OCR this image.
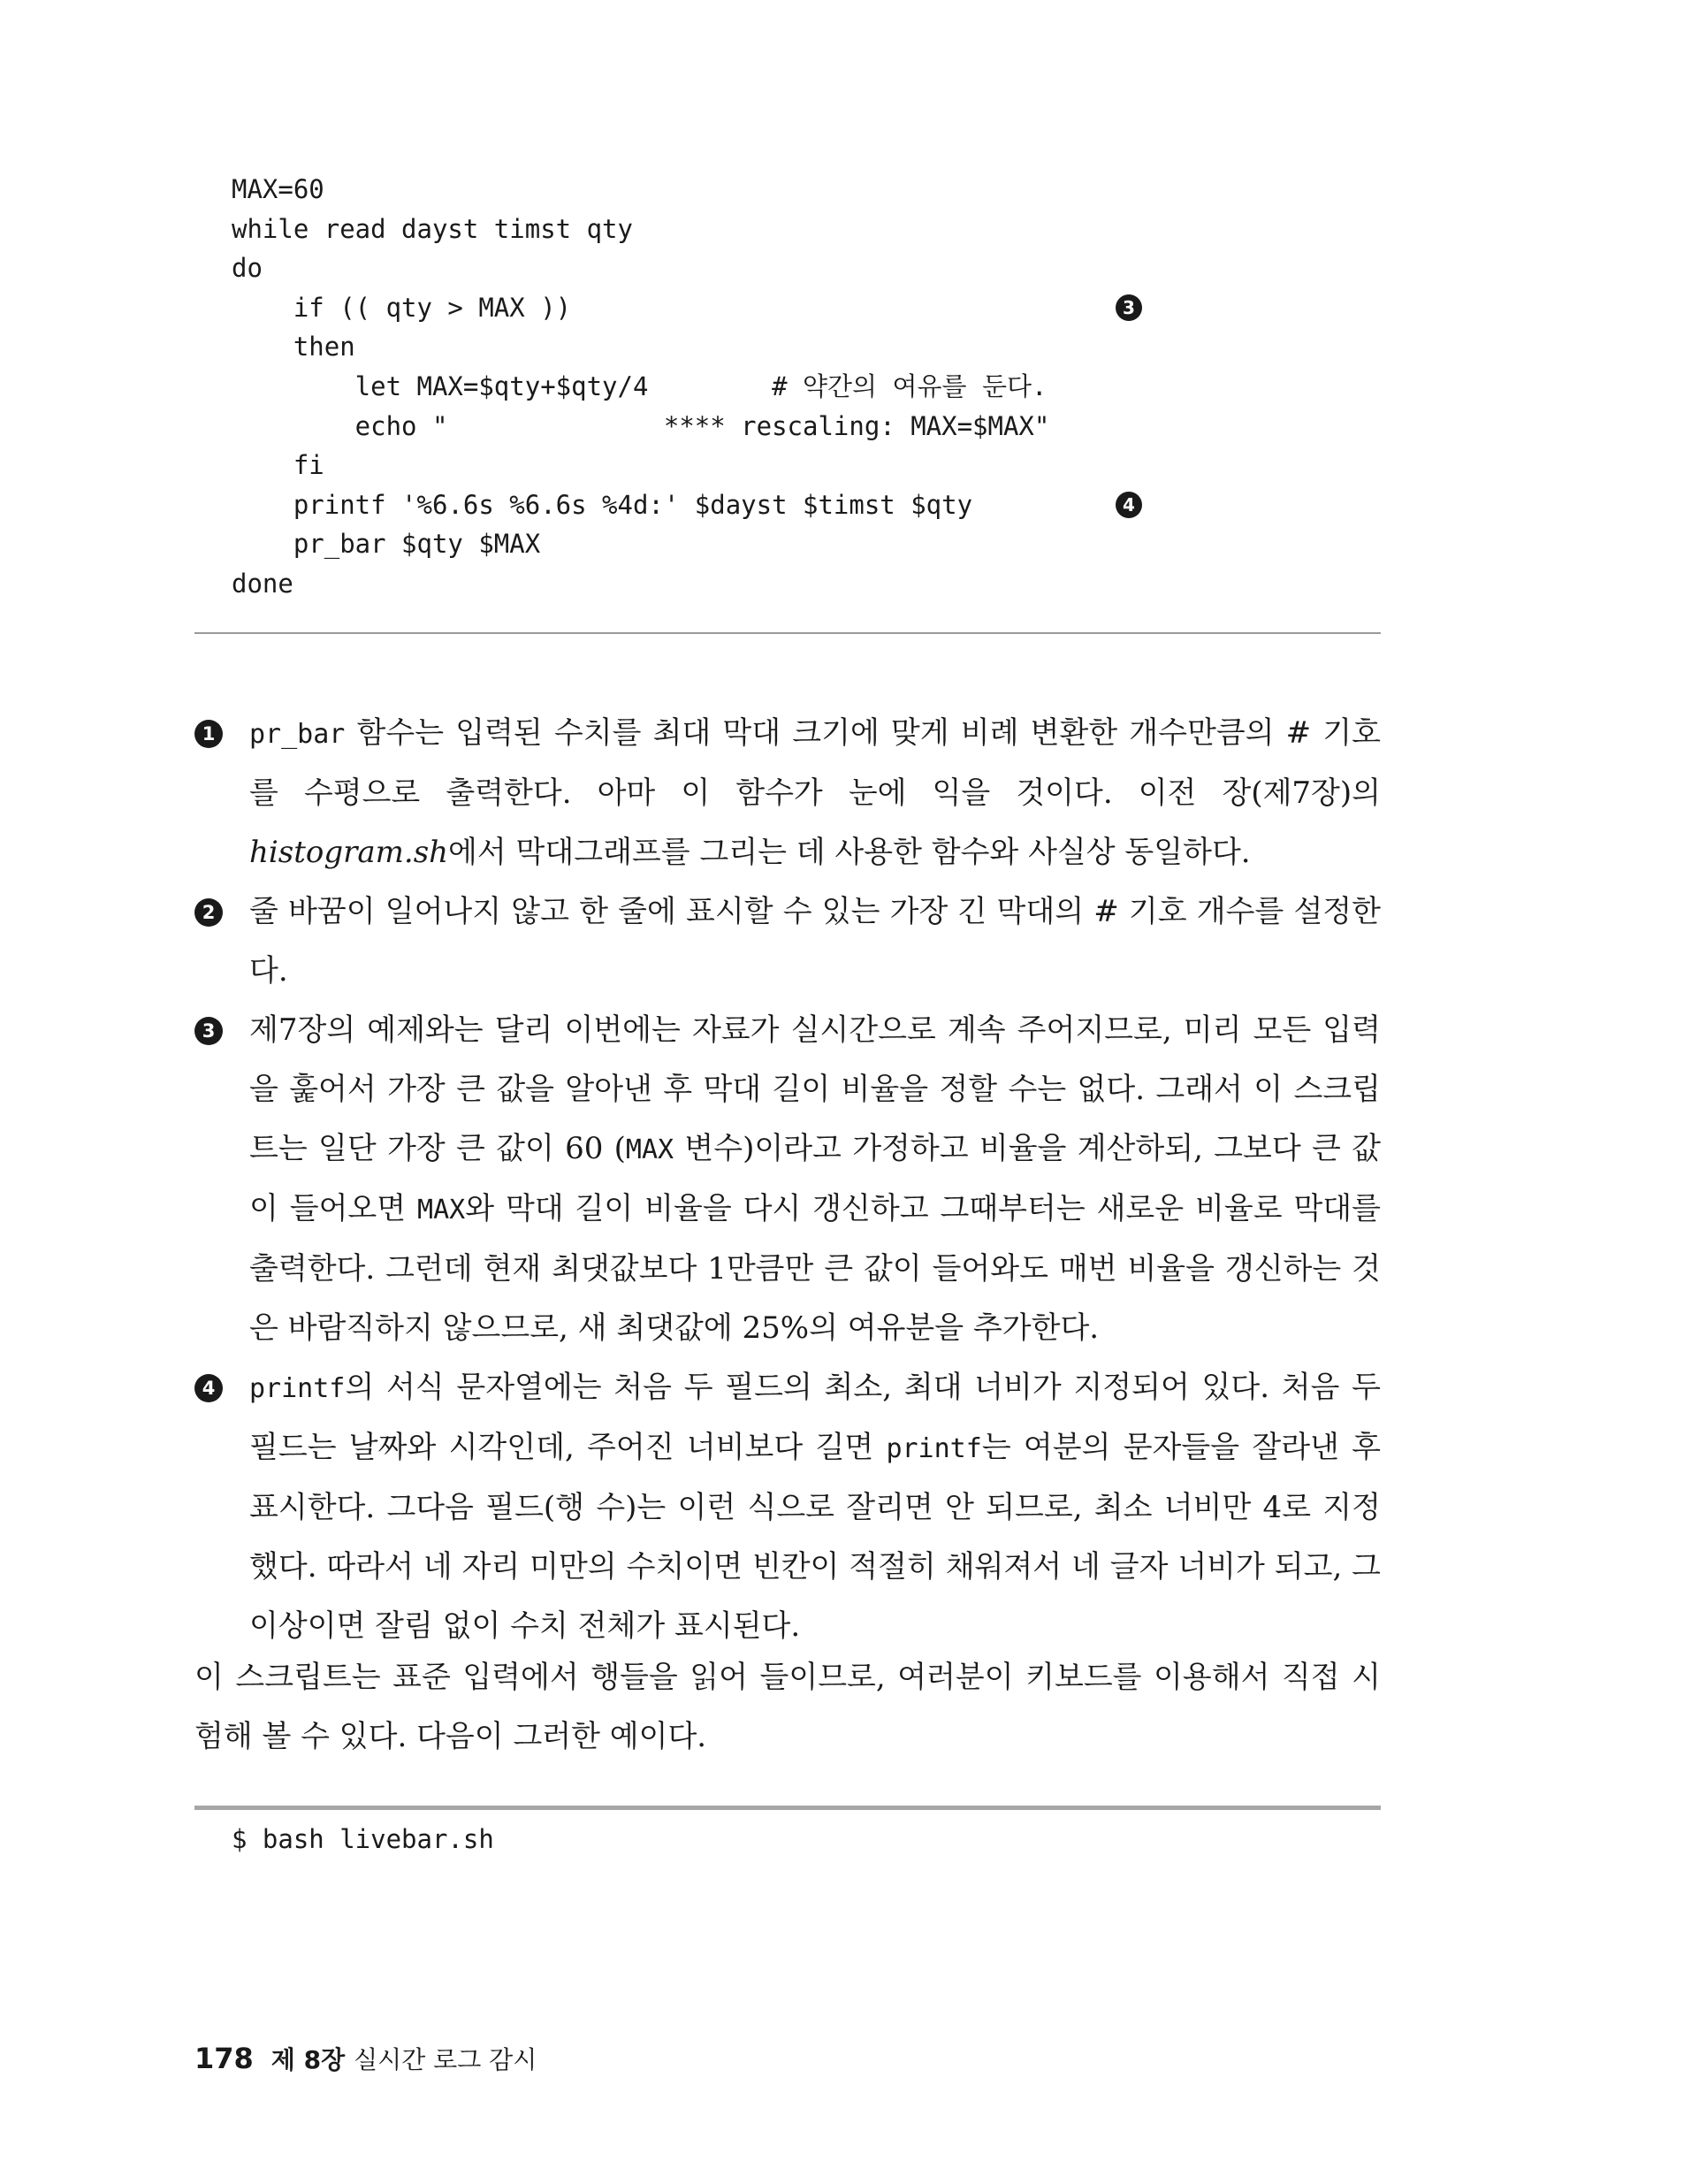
MAX=60
while read dayst timst qty
do
if (( qty > MAX ))	3
then
let MAX=$qty+$qty/4        # 약간의 여유를 둔다.
echo "              **** rescaling: MAX=$MAX"
fi
printf '%6.6s %6.6s %4d:' $dayst $timst $qty	4
pr_bar $qty $MAX
done
1 pr_bar 함수는 입력된 수치를 최대 막대 크기에 맞게 비례 변환한 개수만큼의 # 기호를 수평으로 출력한다. 아마 이 함수가 눈에 익을 것이다. 이전 장(제7장)의 histogram.sh에서 막대그래프를 그리는 데 사용한 함수와 사실상 동일하다.
2 줄 바꿈이 일어나지 않고 한 줄에 표시할 수 있는 가장 긴 막대의 # 기호 개수를 설정한다.
3 제7장의 예제와는 달리 이번에는 자료가 실시간으로 계속 주어지므로, 미리 모든 입력을 훑어서 가장 큰 값을 알아낸 후 막대 길이 비율을 정할 수는 없다. 그래서 이 스크립트는 일단 가장 큰 값이 60 (MAX 변수)이라고 가정하고 비율을 계산하되, 그보다 큰 값이 들어오면 MAX와 막대 길이 비율을 다시 갱신하고 그때부터는 새로운 비율로 막대를 출력한다. 그런데 현재 최댓값보다 1만큼만 큰 값이 들어와도 매번 비율을 갱신하는 것은 바람직하지 않으므로, 새 최댓값에 25%의 여유분을 추가한다.
4 printf의 서식 문자열에는 처음 두 필드의 최소, 최대 너비가 지정되어 있다. 처음 두 필드는 날짜와 시각인데, 주어진 너비보다 길면 printf는 여분의 문자들을 잘라낸 후 표시한다. 그다음 필드(행 수)는 이런 식으로 잘리면 안 되므로, 최소 너비만 4로 지정했다. 따라서 네 자리 미만의 수치이면 빈칸이 적절히 채워져서 네 글자 너비가 되고, 그 이상이면 잘림 없이 수치 전체가 표시된다.
이 스크립트는 표준 입력에서 행들을 읽어 들이므로, 여러분이 키보드를 이용해서 직접 시험해 볼 수 있다. 다음이 그러한 예이다.
$ bash livebar.sh
178 제 8장 실시간 로그 감시
